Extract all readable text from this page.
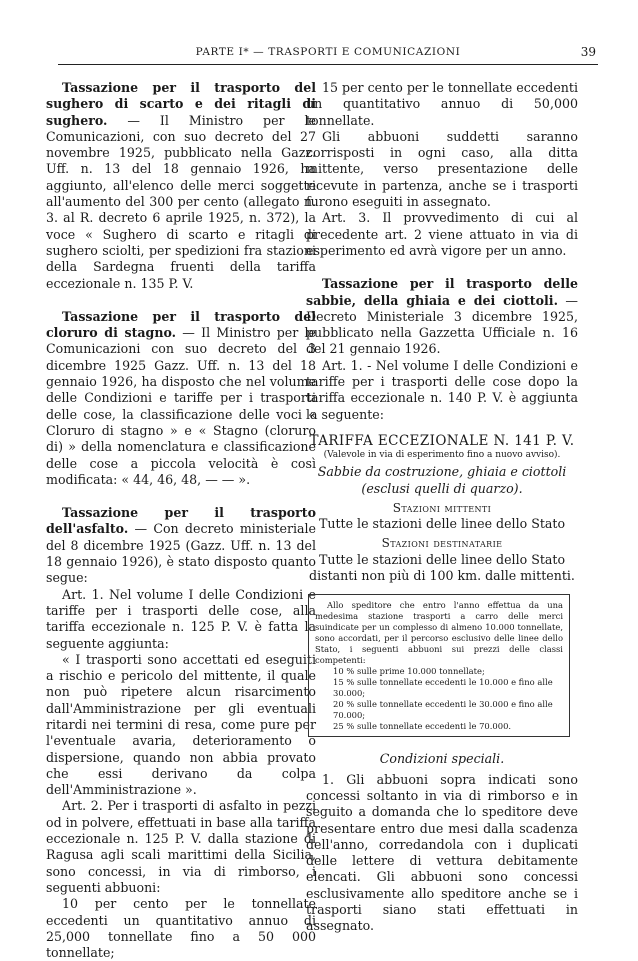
PARTE I* — TRASPORTI E COMUNICAZIONI	39

Tassazione per il trasporto del sughero di scarto e dei ritagli di sughero. — Il Ministro per le Comunicazioni, con suo decreto del 27 novembre 1925, pubblicato nella Gazz. Uff. n. 13 del 18 gennaio 1926, ha aggiunto, all'elenco delle merci soggette all'aumento del 300 per cento (allegato n. 3. al R. decreto 6 aprile 1925, n. 372), la voce « Sughero di scarto e ritagli di sughero sciolti, per spedizioni fra stazioni della Sardegna fruenti della tariffa eccezionale n. 135 P. V.

Tassazione per il trasporto del cloruro di stagno. — Il Ministro per le Comunicazioni con suo decreto del 3 dicembre 1925 Gazz. Uff. n. 13 del 18 gennaio 1926, ha disposto che nel volume delle Condizioni e tariffe per i trasporti delle cose, la classificazione delle voci « Cloruro di stagno » e « Stagno (cloruro di) » della nomenclatura e classificazione delle cose a piccola velocità è così modificata: « 44, 46, 48, — — ».

Tassazione per il trasporto dell'asfalto. — Con decreto ministeriale del 8 dicembre 1925 (Gazz. Uff. n. 13 del 18 gennaio 1926), è stato disposto quanto segue:

Art. 1. Nel volume I delle Condizioni e tariffe per i trasporti delle cose, alla tariffa eccezionale n. 125 P. V. è fatta la seguente aggiunta:

« I trasporti sono accettati ed eseguiti a rischio e pericolo del mittente, il quale non può ripetere alcun risarcimento dall'Amministrazione per gli eventuali ritardi nei termini di resa, come pure per l'eventuale avaria, deterioramento o dispersione, quando non abbia provato che essi derivano da colpa dell'Amministrazione ».

Art. 2. Per i trasporti di asfalto in pezzi od in polvere, effettuati in base alla tariffa eccezionale n. 125 P. V. dalla stazione di Ragusa agli scali marittimi della Sicilia, sono concessi, in via di rimborso, i seguenti abbuoni:

10 per cento per le tonnellate eccedenti un quantitativo annuo di 25,000 tonnellate fino a 50 000 tonnellate;

15 per cento per le tonnellate eccedenti un quantitativo annuo di 50,000 tonnellate.

Gli abbuoni suddetti saranno corrisposti in ogni caso, alla ditta mittente, verso presentazione delle ricevute in partenza, anche se i trasporti furono eseguiti in assegnato.

Art. 3. Il provvedimento di cui al precedente art. 2 viene attuato in via di esperimento ed avrà vigore per un anno.

Tassazione per il trasporto delle sabbie, della ghiaia e dei ciottoli. — Decreto Ministeriale 3 dicembre 1925, pubblicato nella Gazzetta Ufficiale n. 16 del 21 gennaio 1926.

Art. 1. - Nel volume I delle Condizioni e tariffe per i trasporti delle cose dopo la tariffa eccezionale n. 140 P. V. è aggiunta la seguente:

TARIFFA ECCEZIONALE N. 141 P. V.
(Valevole in via di esperimento fino a nuovo avviso).

Sabbie da costruzione, ghiaia e ciottoli (esclusi quelli di quarzo).

Stazioni mittenti

Tutte le stazioni delle linee dello Stato

Stazioni destinatarie

Tutte le stazioni delle linee dello Stato distanti non più di 100 km. dalle mittenti.

Allo speditore che entro l'anno effettua da una medesima stazione trasporti a carro delle merci suindicate per un complesso di almeno 10.000 tonnellate, sono accordati, per il percorso esclusivo delle linee dello Stato, i seguenti abbuoni sui prezzi delle classi competenti:
10 % sulle prime 10.000 tonnellate;
15 % sulle tonnellate eccedenti le 10.000 e fino alle 30.000;
20 % sulle tonnellate eccedenti le 30.000 e fino alle 70.000;
25 % sulle tonnellate eccedenti le 70.000.

Condizioni speciali.

1. Gli abbuoni sopra indicati sono concessi soltanto in via di rimborso e in seguito a domanda che lo speditore deve presentare entro due mesi dalla scadenza dell'anno, corredandola con i duplicati delle lettere di vettura debitamente elencati. Gli abbuoni sono concessi esclusivamente allo speditore anche se i trasporti siano stati effettuati in assegnato.
